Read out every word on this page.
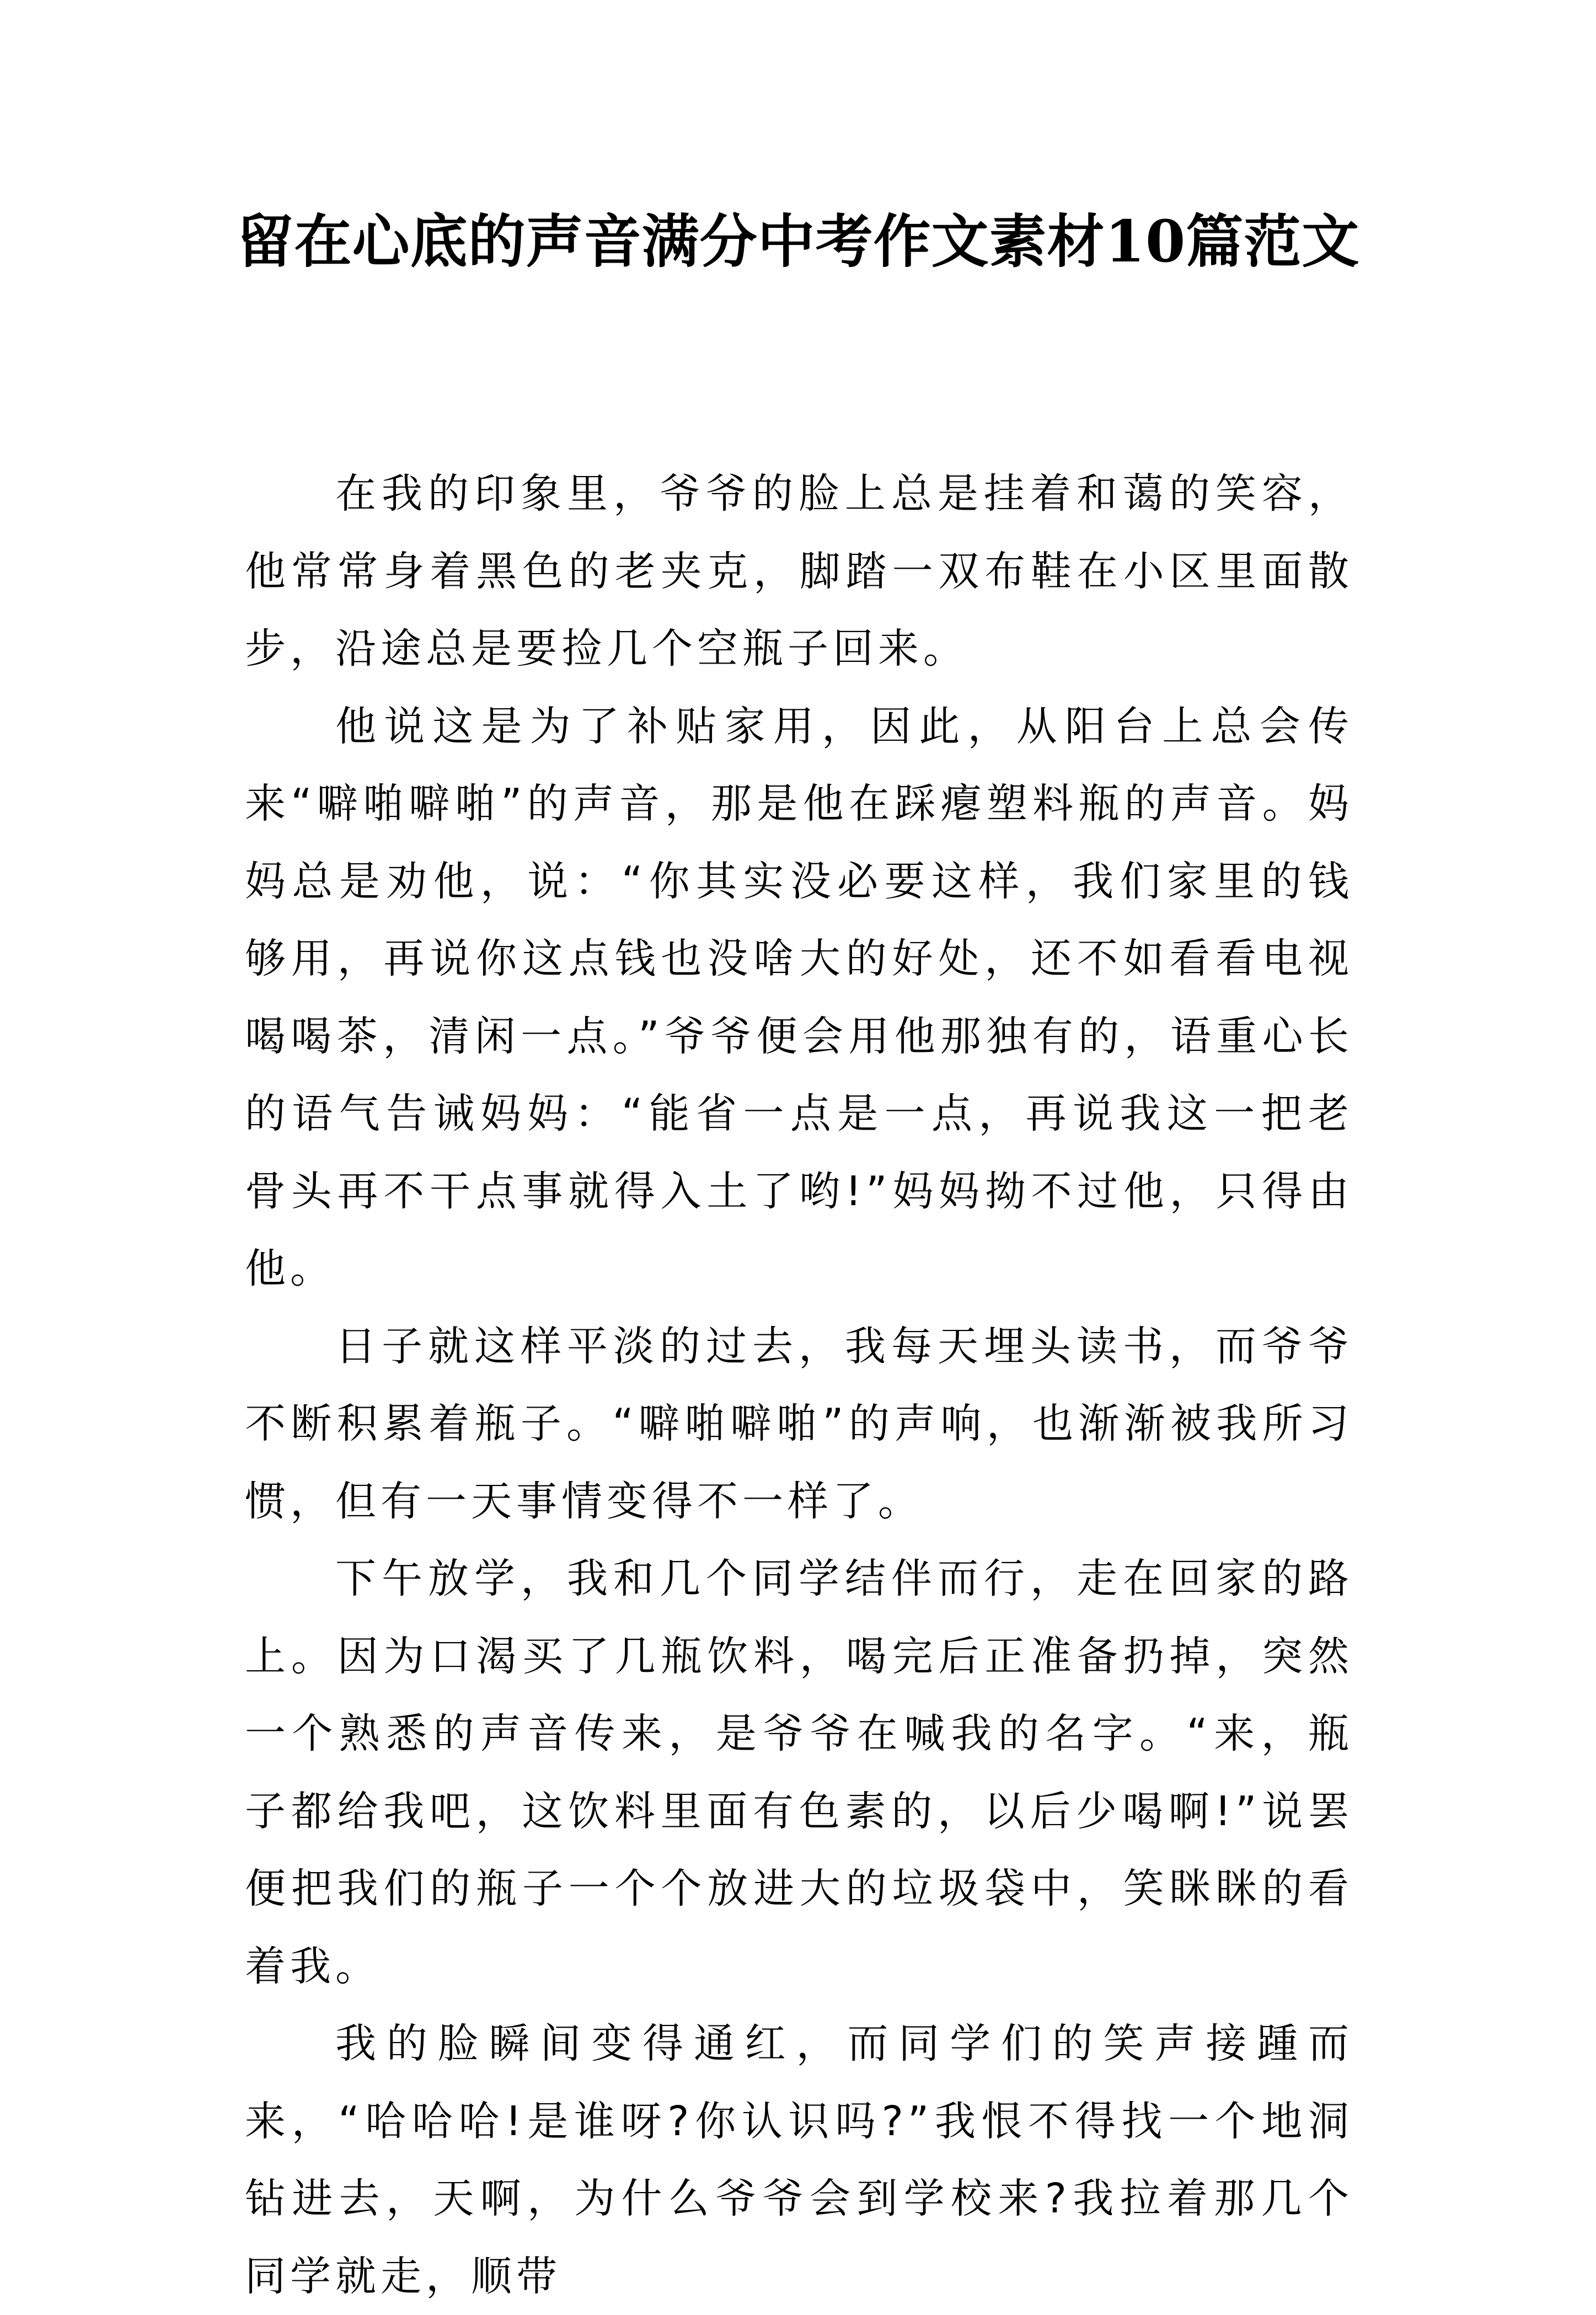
留在心底的声音满分中考作文素材10篇范文

在我的印象里，爷爷的脸上总是挂着和蔼的笑容，他常常身着黑色的老夹克，脚踏一双布鞋在小区里面散步，沿途总是要捡几个空瓶子回来。

他说这是为了补贴家用，因此，从阳台上总会传来“噼啪噼啪”的声音，那是他在踩瘪塑料瓶的声音。妈妈总是劝他，说：“你其实没必要这样，我们家里的钱够用，再说你这点钱也没啥大的好处，还不如看看电视喝喝茶，清闲一点。”爷爷便会用他那独有的，语重心长的语气告诫妈妈：“能省一点是一点，再说我这一把老骨头再不干点事就得入土了哟!”妈妈拗不过他，只得由他。

日子就这样平淡的过去，我每天埋头读书，而爷爷不断积累着瓶子。“噼啪噼啪”的声响，也渐渐被我所习惯，但有一天事情变得不一样了。

下午放学，我和几个同学结伴而行，走在回家的路上。因为口渴买了几瓶饮料，喝完后正准备扔掉，突然一个熟悉的声音传来，是爷爷在喊我的名字。“来，瓶子都给我吧，这饮料里面有色素的，以后少喝啊!”说罢便把我们的瓶子一个个放进大的垃圾袋中，笑眯眯的看着我。

我的脸瞬间变得通红，而同学们的笑声接踵而来，“哈哈哈!是谁呀?你认识吗?”我恨不得找一个地洞钻进去，天啊，为什么爷爷会到学校来?我拉着那几个同学就走，顺带
